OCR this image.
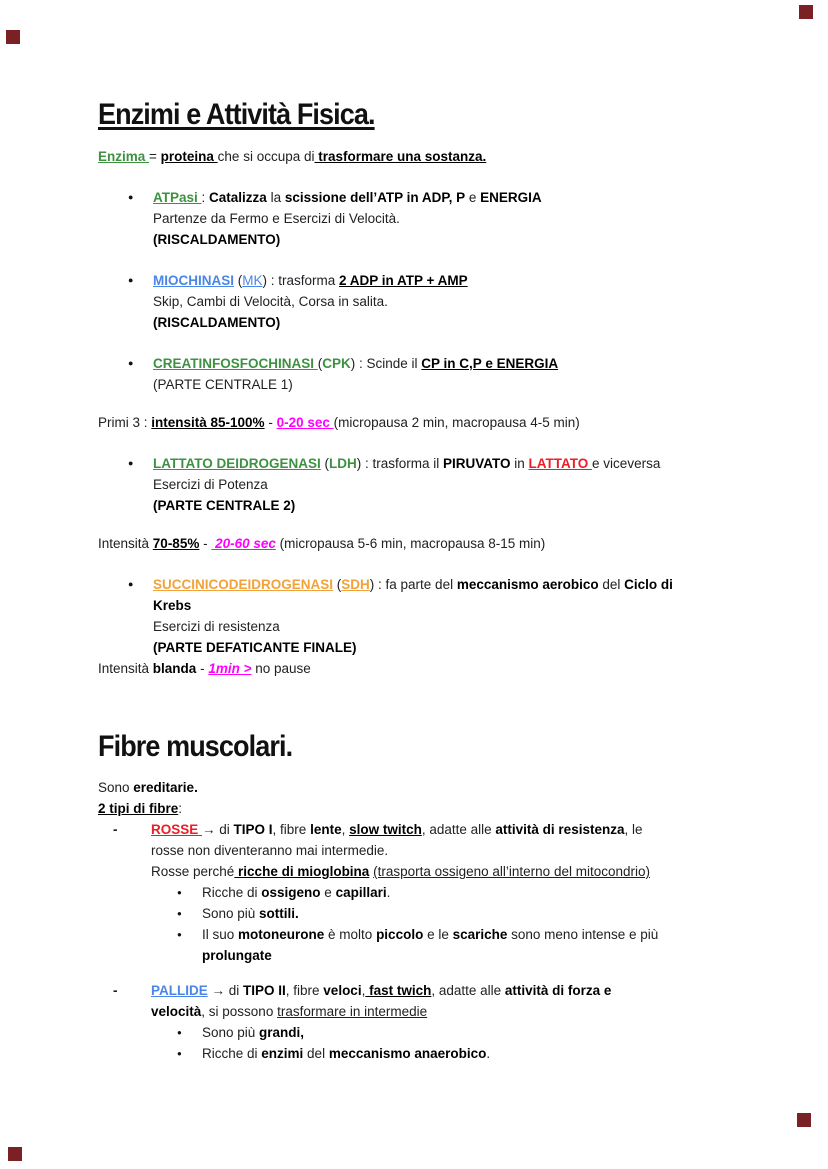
Enzimi e Attività Fisica.

Enzima = proteina che si occupa di trasformare una sostanza.

●	ATPasi : Catalizza la scissione dell’ATP in ADP, P e ENERGIA
Partenze da Fermo e Esercizi di Velocità.
(RISCALDAMENTO)
●	MIOCHINASI (MK) : trasforma 2 ADP in ATP + AMP
Skip, Cambi di Velocità, Corsa in salita.
(RISCALDAMENTO)
●	CREATINFOSFOCHINASI (CPK) : Scinde il CP in C,P e ENERGIA
(PARTE CENTRALE 1)

Primi 3 : intensità 85-100% - 0-20 sec (micropausa 2 min, macropausa 4-5 min)

●	LATTATO DEIDROGENASI (LDH) : trasforma il PIRUVATO in LATTATO e viceversa
Esercizi di Potenza
(PARTE CENTRALE 2)

Intensità 70-85% -  20-60 sec (micropausa 5-6 min, macropausa 8-15 min)

●	SUCCINICODEIDROGENASI (SDH) : fa parte del meccanismo aerobico del Ciclo di
Krebs
Esercizi di resistenza
(PARTE DEFATICANTE FINALE)

Intensità blanda - 1min > no pause

Fibre muscolari.
Sono ereditarie.
2 tipi di fibre:
-	ROSSE → di TIPO I, fibre lente, slow twitch, adatte alle attività di resistenza, le
rosse non diventeranno mai intermedie.
Rosse perché ricche di mioglobina (trasporta ossigeno all’interno del mitocondrio)
●	Ricche di ossigeno e capillari.
●	Sono più sottili.
●	Il suo motoneurone è molto piccolo e le scariche sono meno intense e più
prolungate
-	PALLIDE → di TIPO II, fibre veloci, fast twich, adatte alle attività di forza e
velocità, si possono trasformare in intermedie
●	Sono più grandi,
●	Ricche di enzimi del meccanismo anaerobico.
